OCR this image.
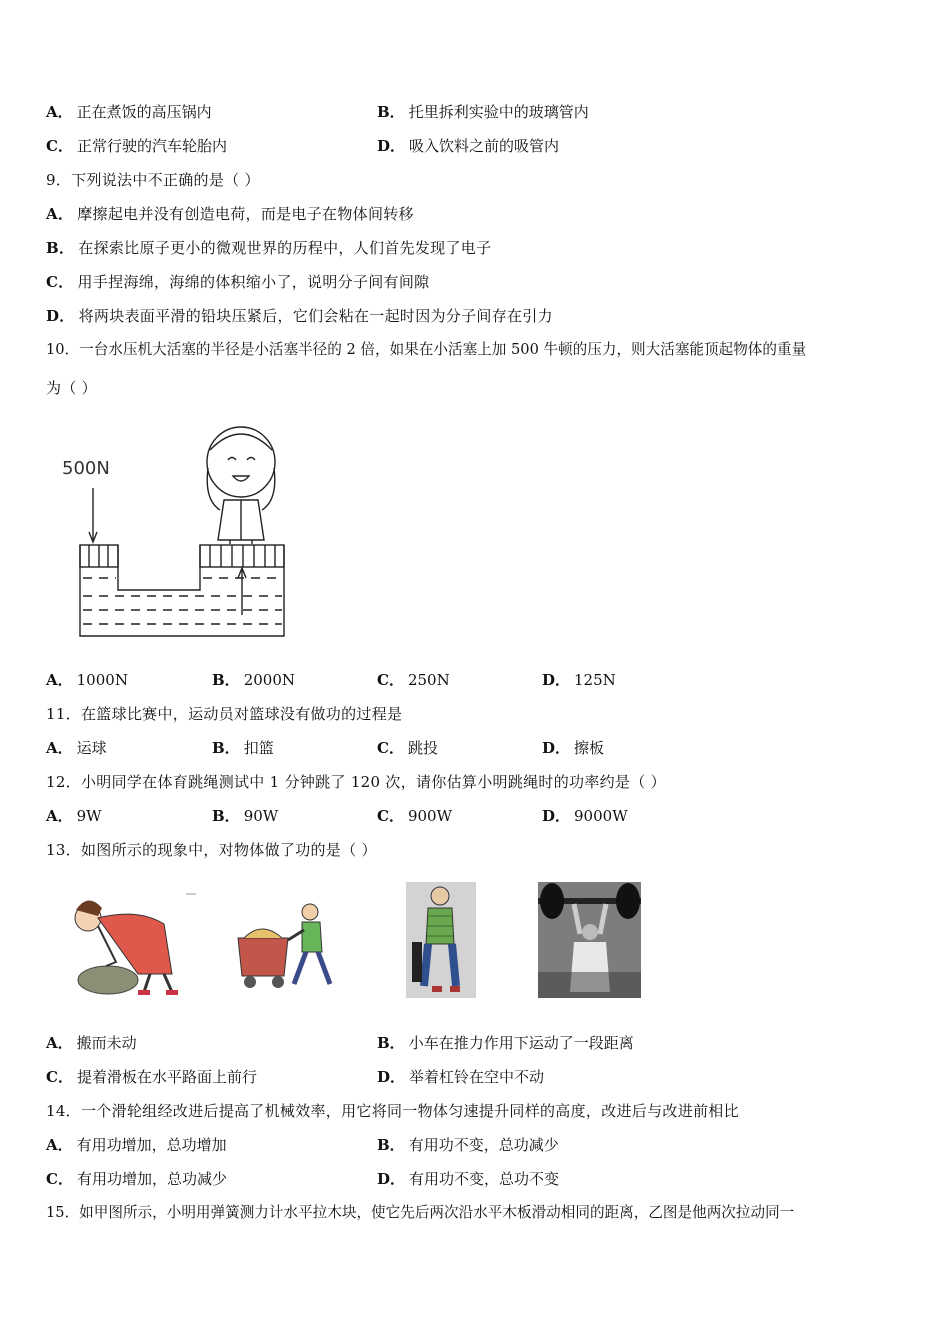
A． 正在煮饭的高压锅内	B． 托里拆利实验中的玻璃管内
C． 正常行驶的汽车轮胎内	D． 吸入饮料之前的吸管内
9．下列说法中不正确的是（ ）
A． 摩擦起电并没有创造电荷，而是电子在物体间转移
B． 在探索比原子更小的微观世界的历程中，人们首先发现了电子
C． 用手捏海绵，海绵的体积缩小了，说明分子间有间隙
D． 将两块表面平滑的铅块压紧后，它们会粘在一起时因为分子间存在引力
10．一台水压机大活塞的半径是小活塞半径的 2 倍，如果在小活塞上加 500 牛顿的压力，则大活塞能顶起物体的重量
为（ ）
500N
A． 1000N	B． 2000N	C． 250N	D． 125N
11．在篮球比赛中，运动员对篮球没有做功的过程是
A． 运球	B． 扣篮	C． 跳投	D． 擦板
12．小明同学在体育跳绳测试中 1 分钟跳了 120 次，请你估算小明跳绳时的功率约是（ ）
A． 9W	B． 90W	C． 900W	D． 9000W
13．如图所示的现象中，对物体做了功的是（ ）
A． 搬而未动	B． 小车在推力作用下运动了一段距离
C． 提着滑板在水平路面上前行	D． 举着杠铃在空中不动
14．一个滑轮组经改进后提高了机械效率，用它将同一物体匀速提升同样的高度，改进后与改进前相比
A． 有用功增加，总功增加	B． 有用功不变，总功减少
C． 有用功增加，总功减少	D． 有用功不变，总功不变
15．如甲图所示，小明用弹簧测力计水平拉木块，使它先后两次沿水平木板滑动相同的距离，乙图是他两次拉动同一
